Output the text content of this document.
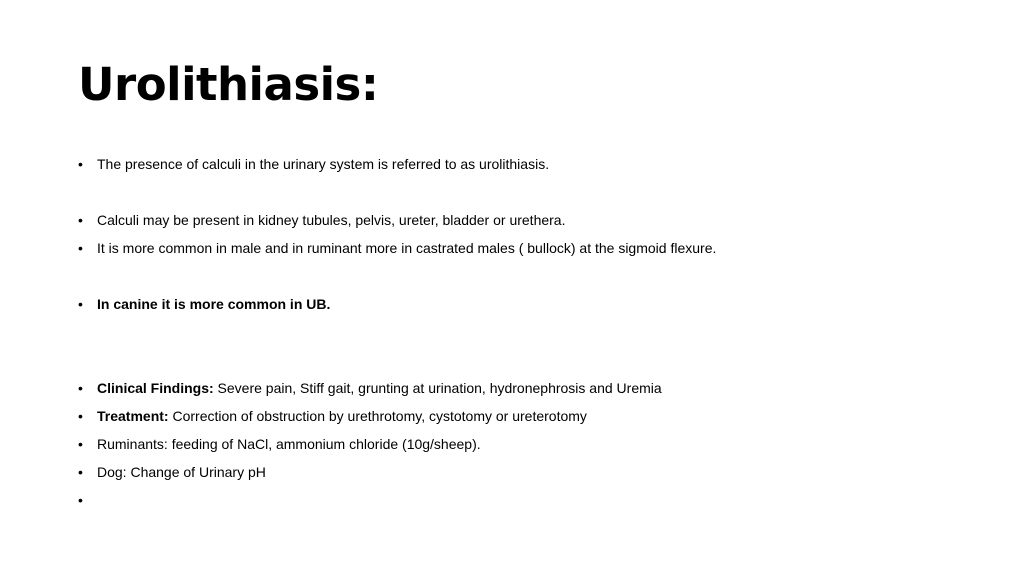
Urolithiasis:
•	The presence of calculi in the urinary system is referred to as urolithiasis.
•	Calculi may be present in kidney tubules, pelvis, ureter, bladder or urethera.
•	It is more common in male and in ruminant more in castrated males ( bullock) at the sigmoid flexure.
•	In canine it is more common in UB.
•	Clinical Findings: Severe pain, Stiff gait, grunting at urination, hydronephrosis and Uremia
•	Treatment: Correction of obstruction by urethrotomy, cystotomy or ureterotomy
•	Ruminants: feeding of NaCl, ammonium chloride (10g/sheep).
•	Dog: Change of Urinary pH
•
